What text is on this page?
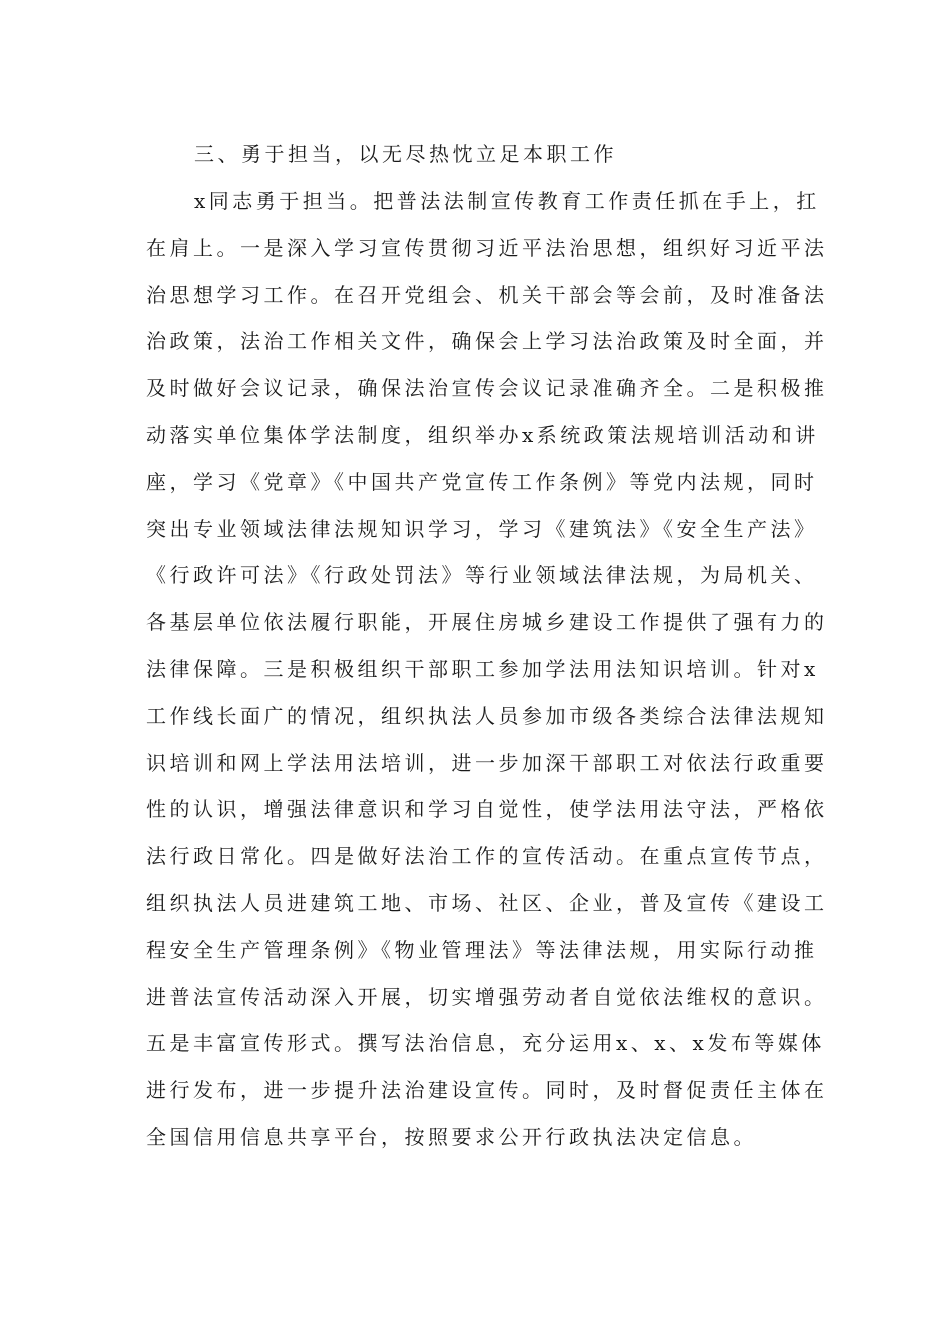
三、勇于担当，以无尽热忱立足本职工作
x同志勇于担当。把普法法制宣传教育工作责任抓在手上，扛
在肩上。一是深入学习宣传贯彻习近平法治思想，组织好习近平法
治思想学习工作。在召开党组会、机关干部会等会前，及时准备法
治政策，法治工作相关文件，确保会上学习法治政策及时全面，并
及时做好会议记录，确保法治宣传会议记录准确齐全。二是积极推
动落实单位集体学法制度，组织举办x系统政策法规培训活动和讲
座，学习《党章》《中国共产党宣传工作条例》等党内法规，同时
突出专业领域法律法规知识学习，学习《建筑法》《安全生产法》
《行政许可法》《行政处罚法》等行业领域法律法规，为局机关、
各基层单位依法履行职能，开展住房城乡建设工作提供了强有力的
法律保障。三是积极组织干部职工参加学法用法知识培训。针对x
工作线长面广的情况，组织执法人员参加市级各类综合法律法规知
识培训和网上学法用法培训，进一步加深干部职工对依法行政重要
性的认识，增强法律意识和学习自觉性，使学法用法守法，严格依
法行政日常化。四是做好法治工作的宣传活动。在重点宣传节点，
组织执法人员进建筑工地、市场、社区、企业，普及宣传《建设工
程安全生产管理条例》《物业管理法》等法律法规，用实际行动推
进普法宣传活动深入开展，切实增强劳动者自觉依法维权的意识。
五是丰富宣传形式。撰写法治信息，充分运用x、x、x发布等媒体
进行发布，进一步提升法治建设宣传。同时，及时督促责任主体在
全国信用信息共享平台，按照要求公开行政执法决定信息。
